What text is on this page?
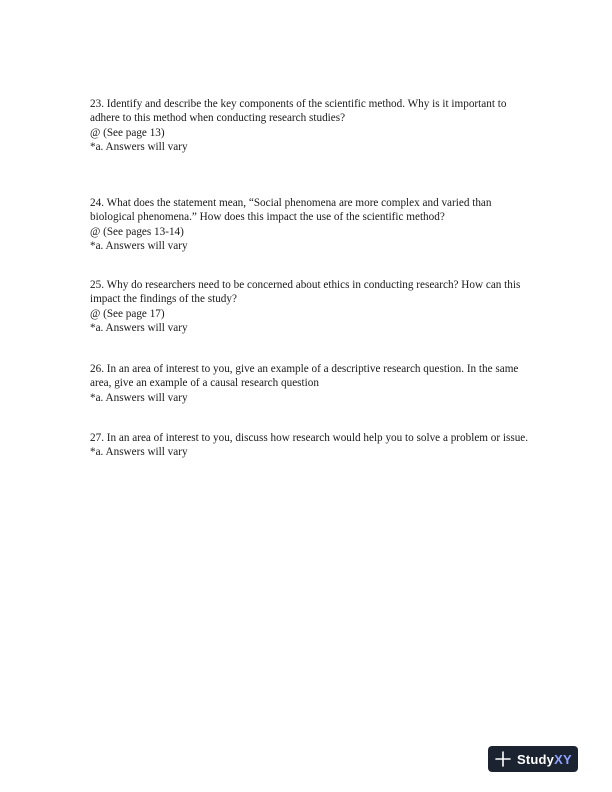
23. Identify and describe the key components of the scientific method. Why is it important to adhere to this method when conducting research studies?

@ (See page 13)
*a. Answers will vary

24. What does the statement mean, “Social phenomena are more complex and varied than biological phenomena.” How does this impact the use of the scientific method?

@ (See pages 13-14)
*a. Answers will vary

25. Why do researchers need to be concerned about ethics in conducting research? How can this impact the findings of the study?

@ (See page 17)
*a. Answers will vary

26. In an area of interest to you, give an example of a descriptive research question. In the same area, give an example of a causal research question

*a. Answers will vary

27. In an area of interest to you, discuss how research would help you to solve a problem or issue.

*a. Answers will vary
StudyXY
